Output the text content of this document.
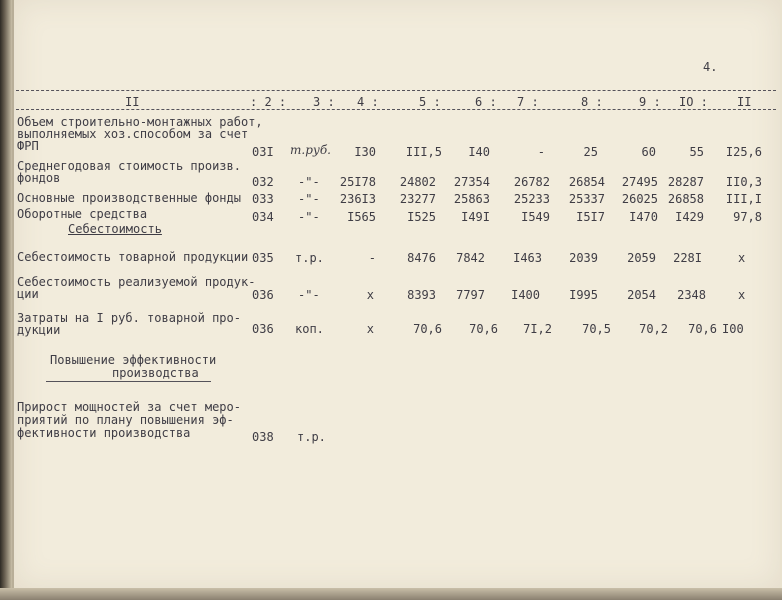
4.
II	: 2 : 3 : 4 :	5 :	6 : 7 :	8 :	9 : IO : II
Объем строительно-монтажных работ,
выполняемых хоз.способом за счет
ФРП	03I т.руб.	I30	III,5	I40	-	25	60	55	I25,6
Среднегодовая стоимость произв.
фондов	032 -"-	25I78	24802	27354	26782	26854	27495 28287	II0,3
Основные производственные фонды 033 -"-	236I3	23277	25863	25233	25337	26025 26858	III,I
Оборотные средства	034 -"-	I565	I525	I49I	I549	I5I7	I470	I429	97,8
Себестоимость
Себестоимость товарной продукции 035 т.р.	-	8476	7842	I463	2039	2059	228I	x
Себестоимость реализуемой продук-
ции	036 -"-	x	8393	7797	I400	I995	2054	2348	x
Затраты на I руб. товарной про-
дукции	036 коп.	x	70,6	70,6	7I,2	70,5	70,2	70,6 I00
Повышение эффективности
производства
Прирост мощностей за счет меро-
приятий по плану повышения эф-
фективности производства	038 т.р.
